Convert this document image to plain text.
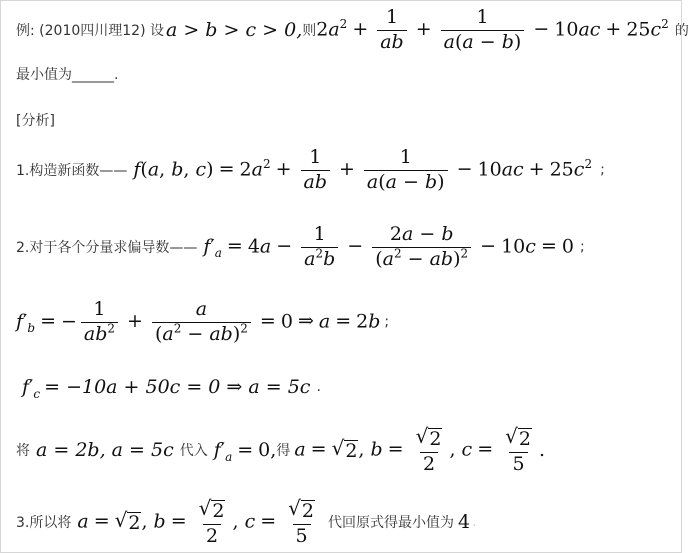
例: (2010四川理12) 设 a > b > c > 0, 则 $2a^2 + \frac{1}{ab} + \frac{1}{a(a - b)} - 10ac + 25c^2$ 的
最小值为______.
[分析]
1.构造新函数—— f(a, b, $c) = 2a^2 + \frac{1}{ab} + \frac{1}{a(a - b)} - 10ac + 25c^2$ ;
2.对于各个分量求偏导数—— $f'_a = 4a - \frac{1}{a^2b} - \frac{2a - b}{(a^2 - ab)^2} - 10c = 0$ ;
$f'_b$ = − $\frac{1}{ab^2} + \frac{a}{(a^2 - ab)^2} = 0$ ⇒ a = 2b ;
$f'_c = -10a + 50c = 0$ ⇒ a = 5c .
将 a = 2b, a = 5c 代入 $f'_a = 0$, 得 a = √ 2 , $b = \frac{√ 2}{2}$ , $c = \frac{√ 2}{5}$ .
3.所以将 a = √ 2 , $b = \frac{√ 2}{2}$ , $c = \frac{√ 2}{5}$ 代回原式得最小值为 4 .
